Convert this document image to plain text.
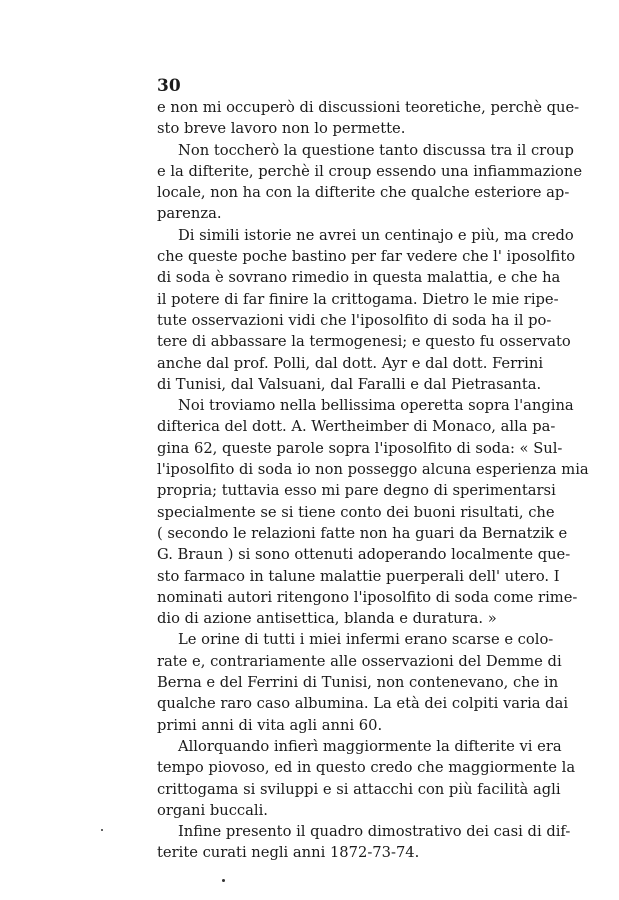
30
e non mi occuperò di discussioni teoretiche, perchè que-
sto breve lavoro non lo permette.
Non toccherò la questione tanto discussa tra il croup
e la difterite, perchè il croup essendo una infiammazione
locale, non ha con la difterite che qualche esteriore ap-
parenza.
Di simili istorie ne avrei un centinajo e più, ma credo
che queste poche bastino per far vedere che l' iposolfito
di soda è sovrano rimedio in questa malattia, e che ha
il potere di far finire la crittogama. Dietro le mie ripe-
tute osservazioni vidi che l'iposolfito di soda ha il po-
tere di abbassare la termogenesi; e questo fu osservato
anche dal prof. Polli, dal dott. Ayr e dal dott. Ferrini
di Tunisi, dal Valsuani, dal Faralli e dal Pietrasanta.
Noi troviamo nella bellissima operetta sopra l'angina
difterica del dott. A. Wertheimber di Monaco, alla pa-
gina 62, queste parole sopra l'iposolfito di soda: « Sul-
l'iposolfito di soda io non posseggo alcuna esperienza mia
propria; tuttavia esso mi pare degno di sperimentarsi
specialmente se si tiene conto dei buoni risultati, che
( secondo le relazioni fatte non ha guari da Bernatzik e
G. Braun ) si sono ottenuti adoperando localmente que-
sto farmaco in talune malattie puerperali dell' utero. I
nominati autori ritengono l'iposolfito di soda come rime-
dio di azione antisettica, blanda e duratura. »
Le orine di tutti i miei infermi erano scarse e colo-
rate e, contrariamente alle osservazioni del Demme di
Berna e del Ferrini di Tunisi, non contenevano, che in
qualche raro caso albumina. La età dei colpiti varia dai
primi anni di vita agli anni 60.
Allorquando infierì maggiormente la difterite vi era
tempo piovoso, ed in questo credo che maggiormente la
crittogama si sviluppi e si attacchi con più facilità agli
organi buccali.
Infine presento il quadro dimostrativo dei casi di dif-
terite curati negli anni 1872-73-74.
